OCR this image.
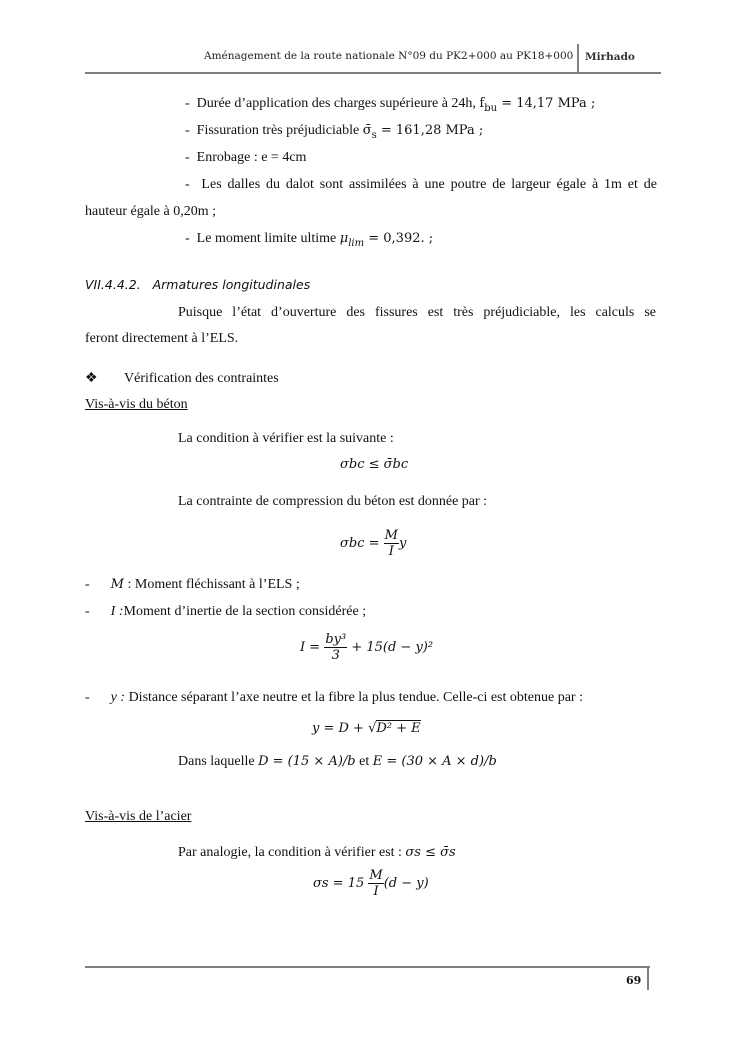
Aménagement de la route nationale N°09 du PK2+000 au PK18+000 Mirhado
-  Durée d’application des charges supérieure à 24h, $f_{bu} = 14,17$ MPa ;
-  Fissuration très préjudiciable $\sigmā_s = 161,28$ MPa ;
-  Enrobage : e = 4cm
-  Les dalles du dalot sont assimilées à une poutre de largeur égale à 1m et de
hauteur égale à 0,20m ;
-  Le moment limite ultime $\mu_{lim} = 0,392$. ;
VII.4.4.2. Armatures longitudinales
Puisque l’état d’ouverture des fissures est très préjudiciable, les calculs se
feront directement à l’ELS.
❖ Vérification des contraintes
Vis-à-vis du béton
La condition à vérifier est la suivante :
σbc ≤ σ̄bc
La contrainte de compression du béton est donnée par :
$\sigma bc = \frac{M}{I}$ y
-      M : Moment fléchissant à l’ELS ;
-      I :Moment d’inertie de la section considérée ;
$I = \frac{\text{by³}}{3} + 15(d - y)^2$
-      y : Distance séparant l’axe neutre et la fibre la plus tendue. Celle-ci est obtenue par :
y = D + √D² + E
Dans laquelle D = (15 × A)/b et E = (30 × A × d)/b
Vis-à-vis de l’acier
Par analogie, la condition à vérifier est : σs ≤ σ̄s
$\sigma s = 15 \frac{M}{I} (d - y)$
69
